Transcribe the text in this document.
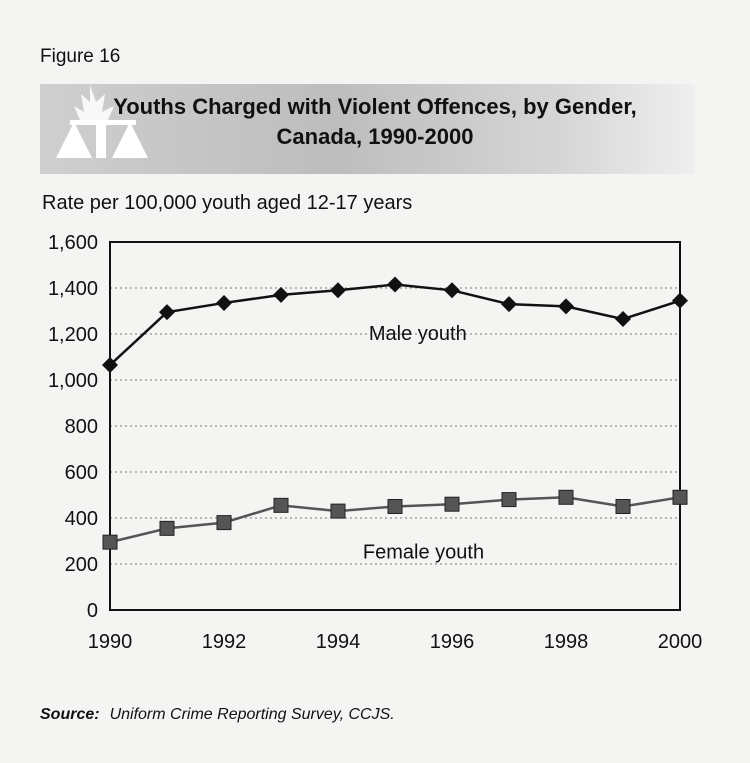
Figure 16
Youths Charged with Violent Offences, by Gender,
Canada, 1990-2000
Rate per 100,000 youth aged 12-17 years
0
200
400
600
800
1,000
1,200
1,400
1,600
1990	1992	1994	1996	1998	2000
Male youth
Female youth
Source: Uniform Crime Reporting Survey, CCJS.
